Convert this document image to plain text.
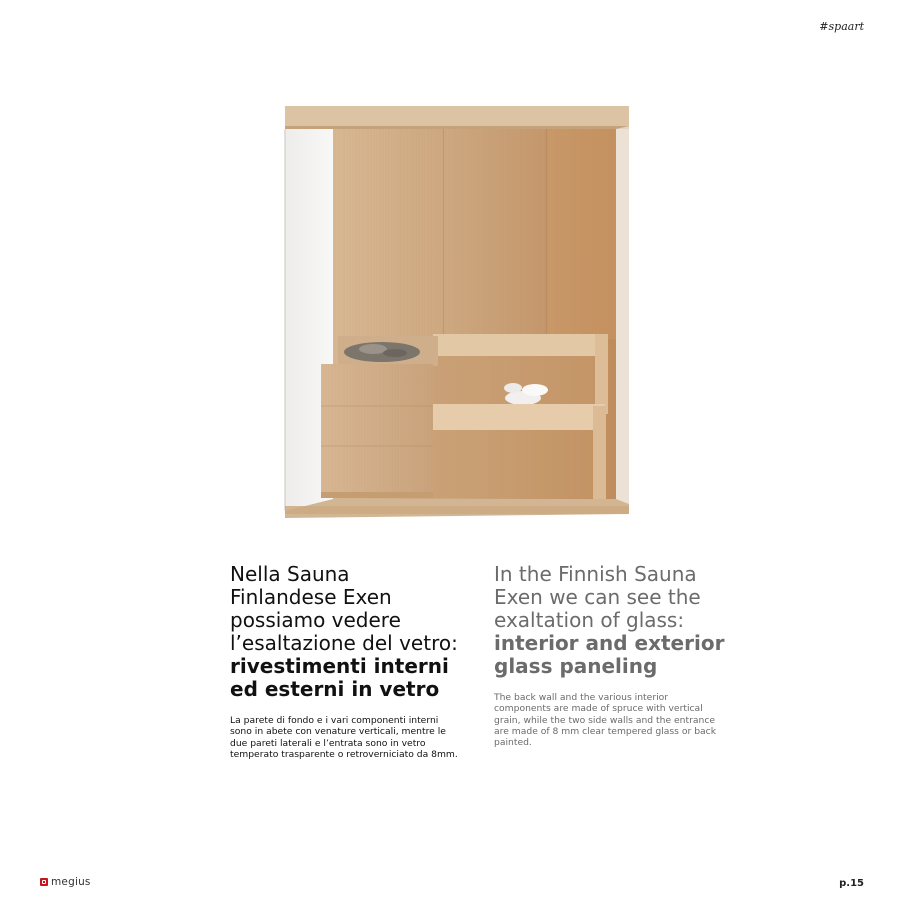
#spaart

Nella Sauna Finlandese Exen possiamo vedere l’esaltazione del vetro: rivestimenti interni ed esterni in vetro

La parete di fondo e i vari componenti interni sono in abete con venature verticali, mentre le due pareti laterali e l’entrata sono in vetro temperato trasparente o retroverniciato da 8mm.

In the Finnish Sauna Exen we can see the exaltation of glass: interior and exterior glass paneling

The back wall and the various interior components are made of spruce with vertical grain, while the two side walls and the entrance are made of 8 mm clear tempered glass or back painted.

megius	p.15
